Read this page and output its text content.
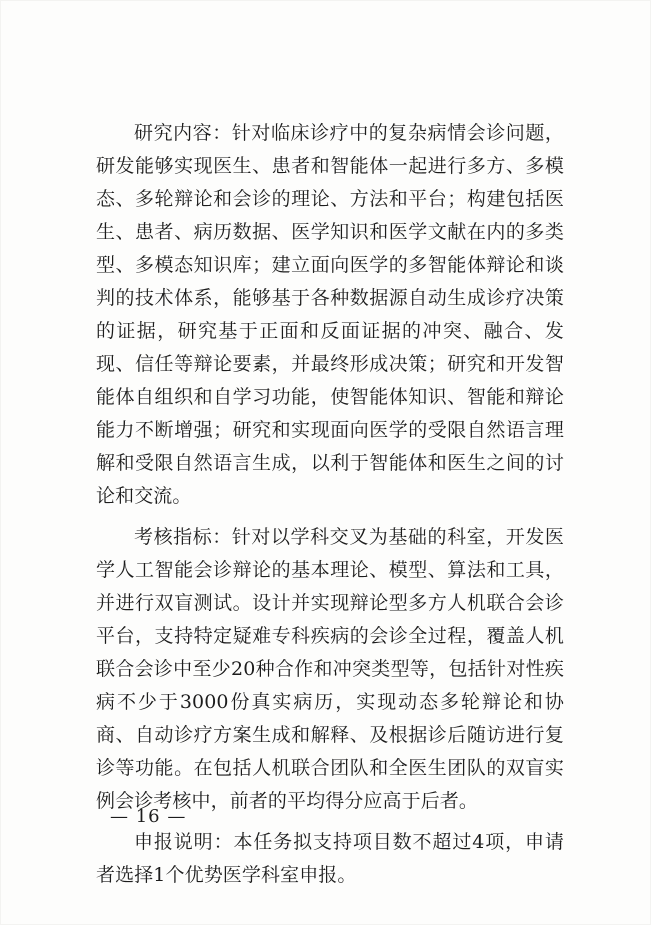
研究内容：针对临床诊疗中的复杂病情会诊问题，研发能够实现医生、患者和智能体一起进行多方、多模态、多轮辩论和会诊的理论、方法和平台；构建包括医生、患者、病历数据、医学知识和医学文献在内的多类型、多模态知识库；建立面向医学的多智能体辩论和谈判的技术体系，能够基于各种数据源自动生成诊疗决策的证据，研究基于正面和反面证据的冲突、融合、发现、信任等辩论要素，并最终形成决策；研究和开发智能体自组织和自学习功能，使智能体知识、智能和辩论能力不断增强；研究和实现面向医学的受限自然语言理解和受限自然语言生成，以利于智能体和医生之间的讨论和交流。

考核指标：针对以学科交叉为基础的科室，开发医学人工智能会诊辩论的基本理论、模型、算法和工具，并进行双盲测试。设计并实现辩论型多方人机联合会诊平台，支持特定疑难专科疾病的会诊全过程，覆盖人机联合会诊中至少20种合作和冲突类型等，包括针对性疾病不少于3000份真实病历，实现动态多轮辩论和协商、自动诊疗方案生成和解释、及根据诊后随访进行复诊等功能。在包括人机联合团队和全医生团队的双盲实例会诊考核中，前者的平均得分应高于后者。

申报说明：本任务拟支持项目数不超过4项，申请者选择1个优势医学科室申报。

— 16 —
